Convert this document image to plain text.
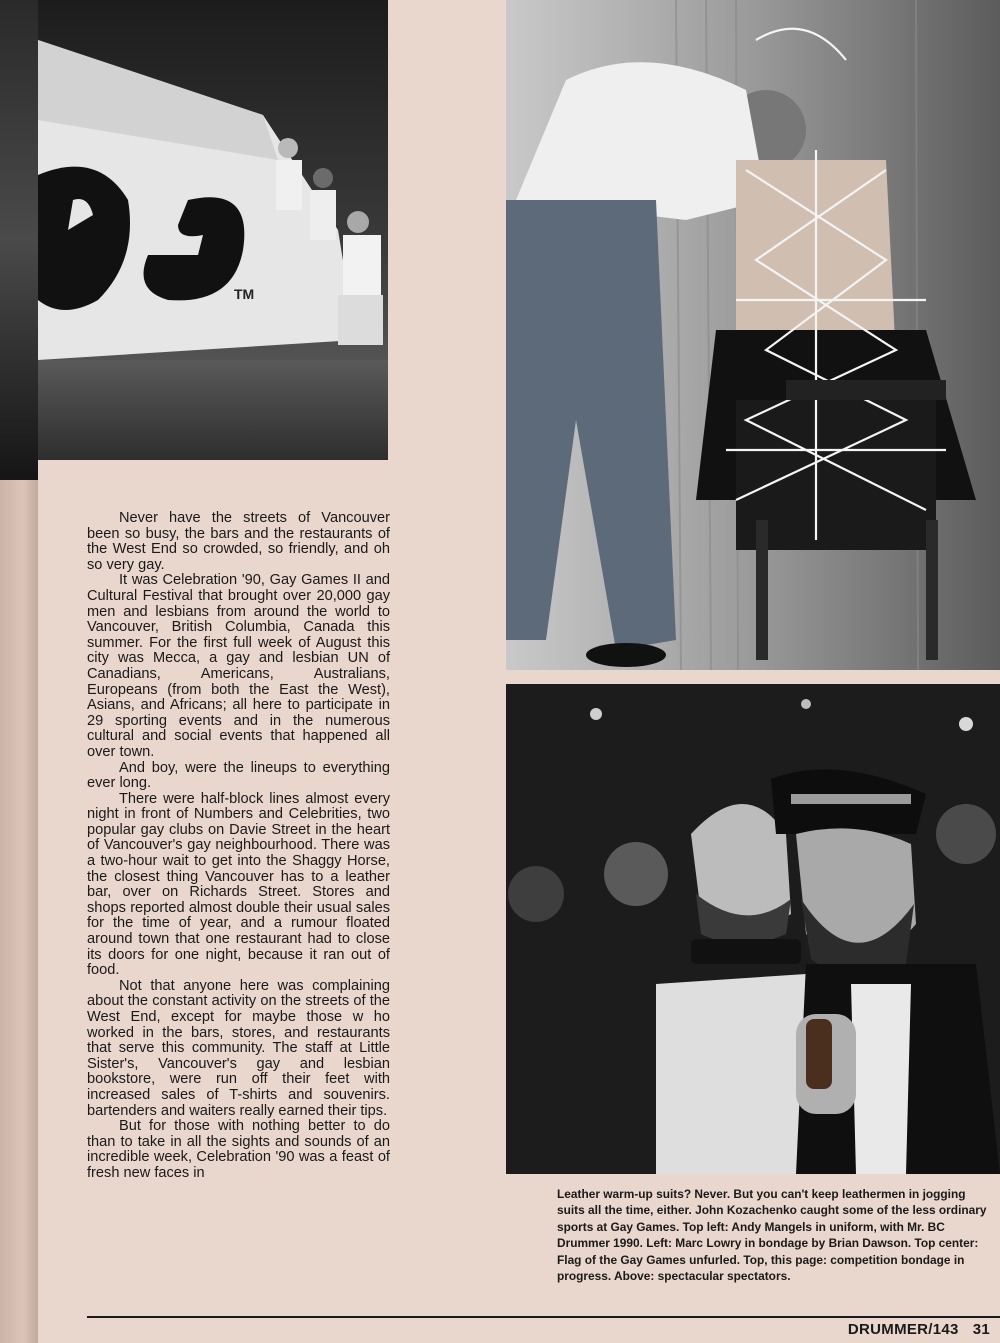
TM

Never have the streets of Vancouver been so busy, the bars and the restaurants of the West End so crowded, so friendly, and oh so very gay.

It was Celebration '90, Gay Games II and Cultural Festival that brought over 20,000 gay men and lesbians from around the world to Vancouver, British Columbia, Canada this summer. For the first full week of August this city was Mecca, a gay and lesbian UN of Canadians, Americans, Australians, Europeans (from both the East the West), Asians, and Africans; all here to participate in 29 sporting events and in the numerous cultural and social events that happened all over town.

And boy, were the lineups to everything ever long.

There were half-block lines almost every night in front of Numbers and Celebrities, two popular gay clubs on Davie Street in the heart of Vancouver's gay neighbourhood. There was a two-hour wait to get into the Shaggy Horse, the closest thing Vancouver has to a leather bar, over on Richards Street. Stores and shops reported almost double their usual sales for the time of year, and a rumour floated around town that one restaurant had to close its doors for one night, because it ran out of food.

Not that anyone here was complaining about the constant activity on the streets of the West End, except for maybe those w ho worked in the bars, stores, and restaurants that serve this community. The staff at Little Sister's, Vancouver's gay and lesbian bookstore, were run off their feet with increased sales of T-shirts and souvenirs. bartenders and waiters really earned their tips.

But for those with nothing better to do than to take in all the sights and sounds of an incredible week, Celebration '90 was a feast of fresh new faces in

Leather warm-up suits? Never. But you can't keep leathermen in jogging suits all the time, either. John Kozachenko caught some of the less ordinary sports at Gay Games. Top left: Andy Mangels in uniform, with Mr. BC Drummer 1990. Left: Marc Lowry in bondage by Brian Dawson. Top center: Flag of the Gay Games unfurled. Top, this page: competition bondage in progress. Above: spectacular spectators.
DRUMMER/143 31
